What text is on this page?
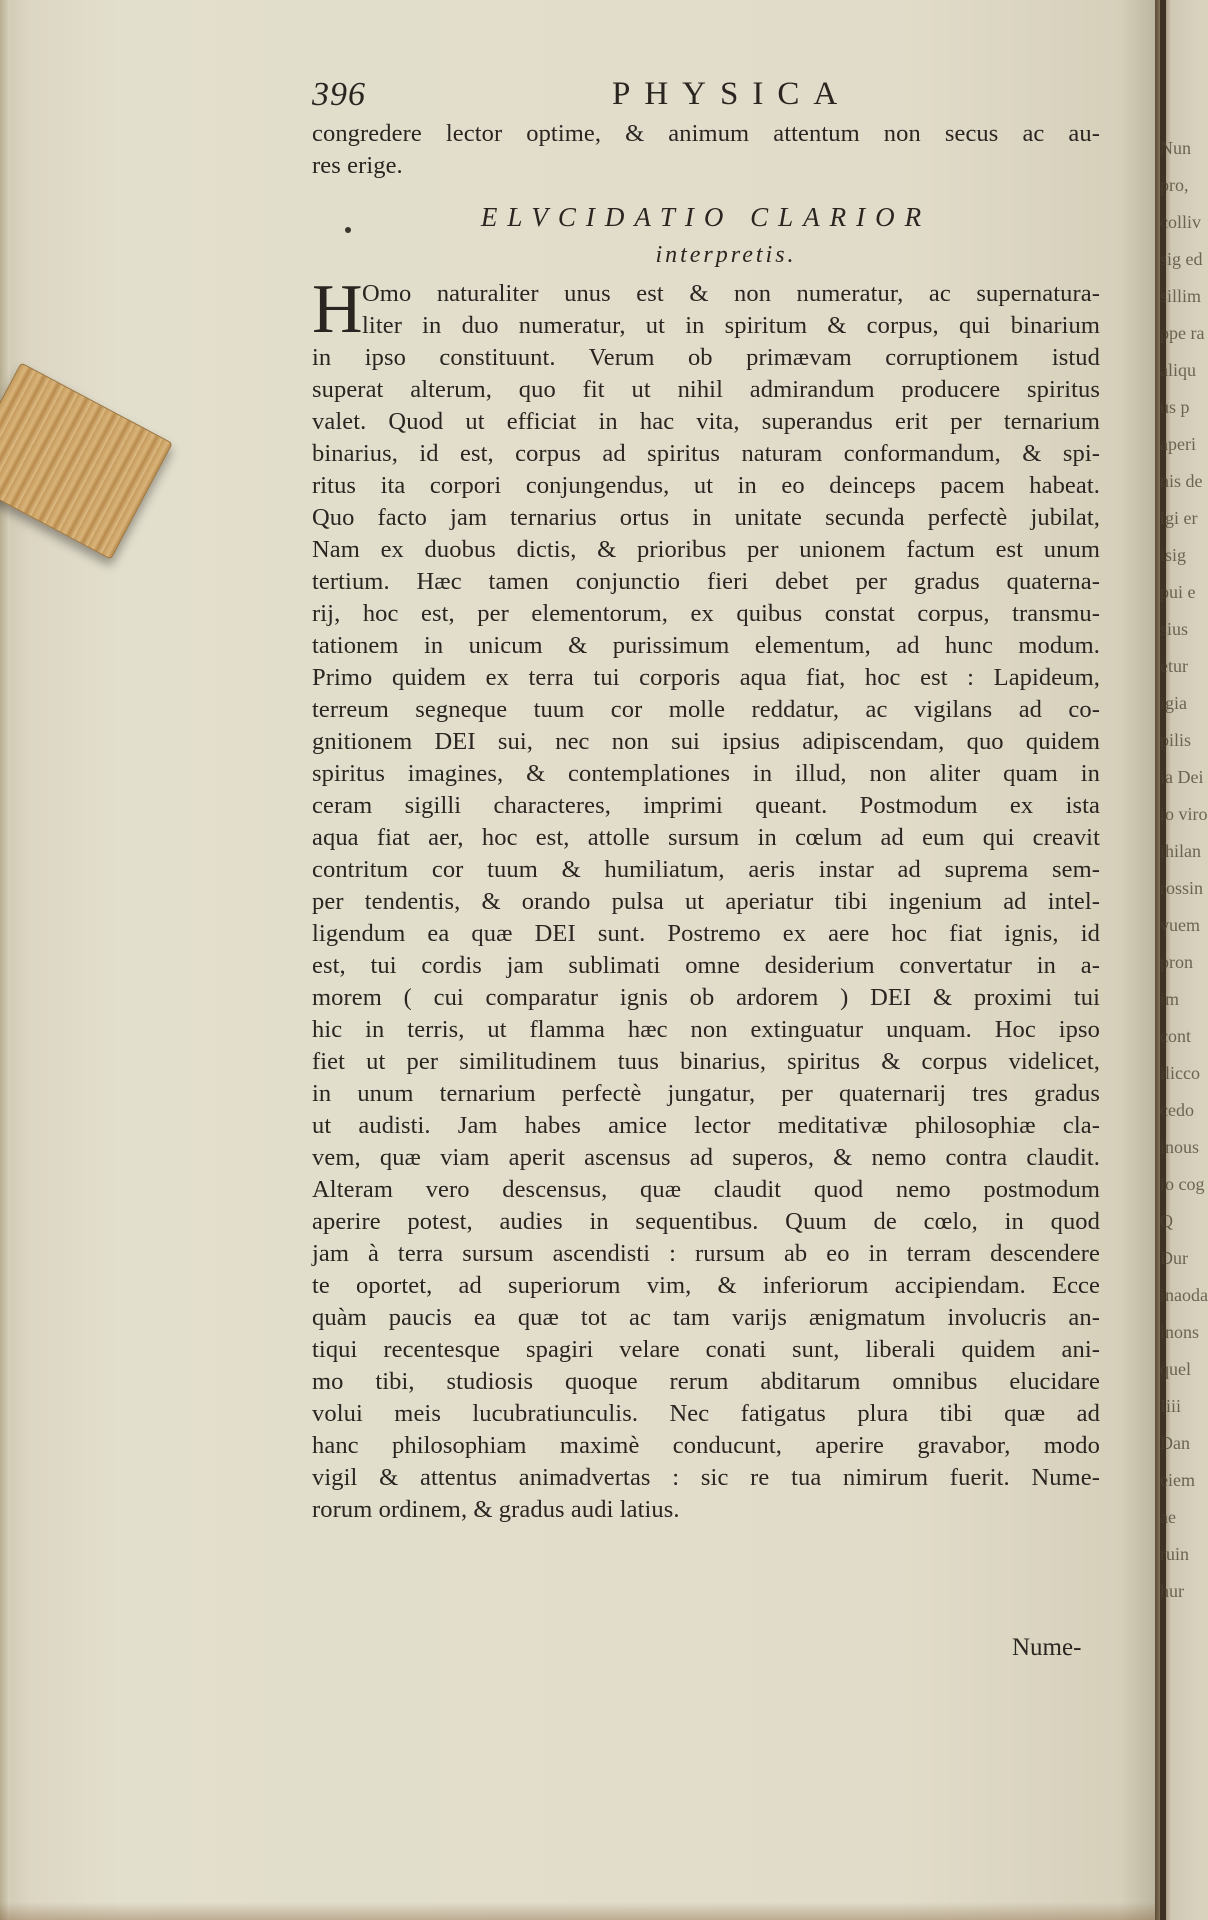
396	PHYSICA
congredere lector optime, & animum attentum non secus ac au-
res erige.
ELVCIDATIO CLARIOR
interpretis.
H Omo naturaliter unus est & non numeratur, ac supernatura-
liter in duo numeratur, ut in spiritum & corpus, qui binarium
in ipso constituunt. Verum ob primævam corruptionem istud
superat alterum, quo fit ut nihil admirandum producere spiritus
valet. Quod ut efficiat in hac vita, superandus erit per ternarium
binarius, id est, corpus ad spiritus naturam conformandum, & spi-
ritus ita corpori conjungendus, ut in eo deinceps pacem habeat.
Quo facto jam ternarius ortus in unitate secunda perfectè jubilat,
Nam ex duobus dictis, & prioribus per unionem factum est unum
tertium. Hæc tamen conjunctio fieri debet per gradus quaterna-
rij, hoc est, per elementorum, ex quibus constat corpus, transmu-
tationem in unicum & purissimum elementum, ad hunc modum.
Primo quidem ex terra tui corporis aqua fiat, hoc est : Lapideum,
terreum segneque tuum cor molle reddatur, ac vigilans ad co-
gnitionem DEI sui, nec non sui ipsius adipiscendam, quo quidem
spiritus imagines, & contemplationes in illud, non aliter quam in
ceram sigilli characteres, imprimi queant. Postmodum ex ista
aqua fiat aer, hoc est, attolle sursum in cœlum ad eum qui creavit
contritum cor tuum & humiliatum, aeris instar ad suprema sem-
per tendentis, & orando pulsa ut aperiatur tibi ingenium ad intel-
ligendum ea quæ DEI sunt. Postremo ex aere hoc fiat ignis, id
est, tui cordis jam sublimati omne desiderium convertatur in a-
morem ( cui comparatur ignis ob ardorem ) DEI & proximi tui
hic in terris, ut flamma hæc non extinguatur unquam. Hoc ipso
fiet ut per similitudinem tuus binarius, spiritus & corpus videlicet,
in unum ternarium perfectè jungatur, per quaternarij tres gradus
ut audisti. Jam habes amice lector meditativæ philosophiæ cla-
vem, quæ viam aperit ascensus ad superos, & nemo contra claudit.
Alteram vero descensus, quæ claudit quod nemo postmodum
aperire potest, audies in sequentibus. Quum de cœlo, in quod
jam à terra sursum ascendisti : rursum ab eo in terram descendere
te oportet, ad superiorum vim, & inferiorum accipiendam. Ecce
quàm paucis ea quæ tot ac tam varijs ænigmatum involucris an-
tiqui recentesque spagiri velare conati sunt, liberali quidem ani-
mo tibi, studiosis quoque rerum abditarum omnibus elucidare
volui meis lucubratiunculis. Nec fatigatus plura tibi quæ ad
hanc philosophiam maximè conducunt, aperire gravabor, modo
vigil & attentus animadvertas : sic re tua nimirum fuerit. Nume-
rorum ordinem, & gradus audi latius.
Nume-
Nun
pro,
colliv
sig ed
sillim
ppe ra
aliqu
us p
aperi
nis de
igi er
isig
pui e
sius
etur
igia
pilis
ia Dei
io viro
ihilan
rossin
vuem
pron
im
cont
ilicco
cedo
inous
io cog
Q
Dur
inaoda
inons
quel
Iiii
Dan
eiem
ae
ruin
hur
